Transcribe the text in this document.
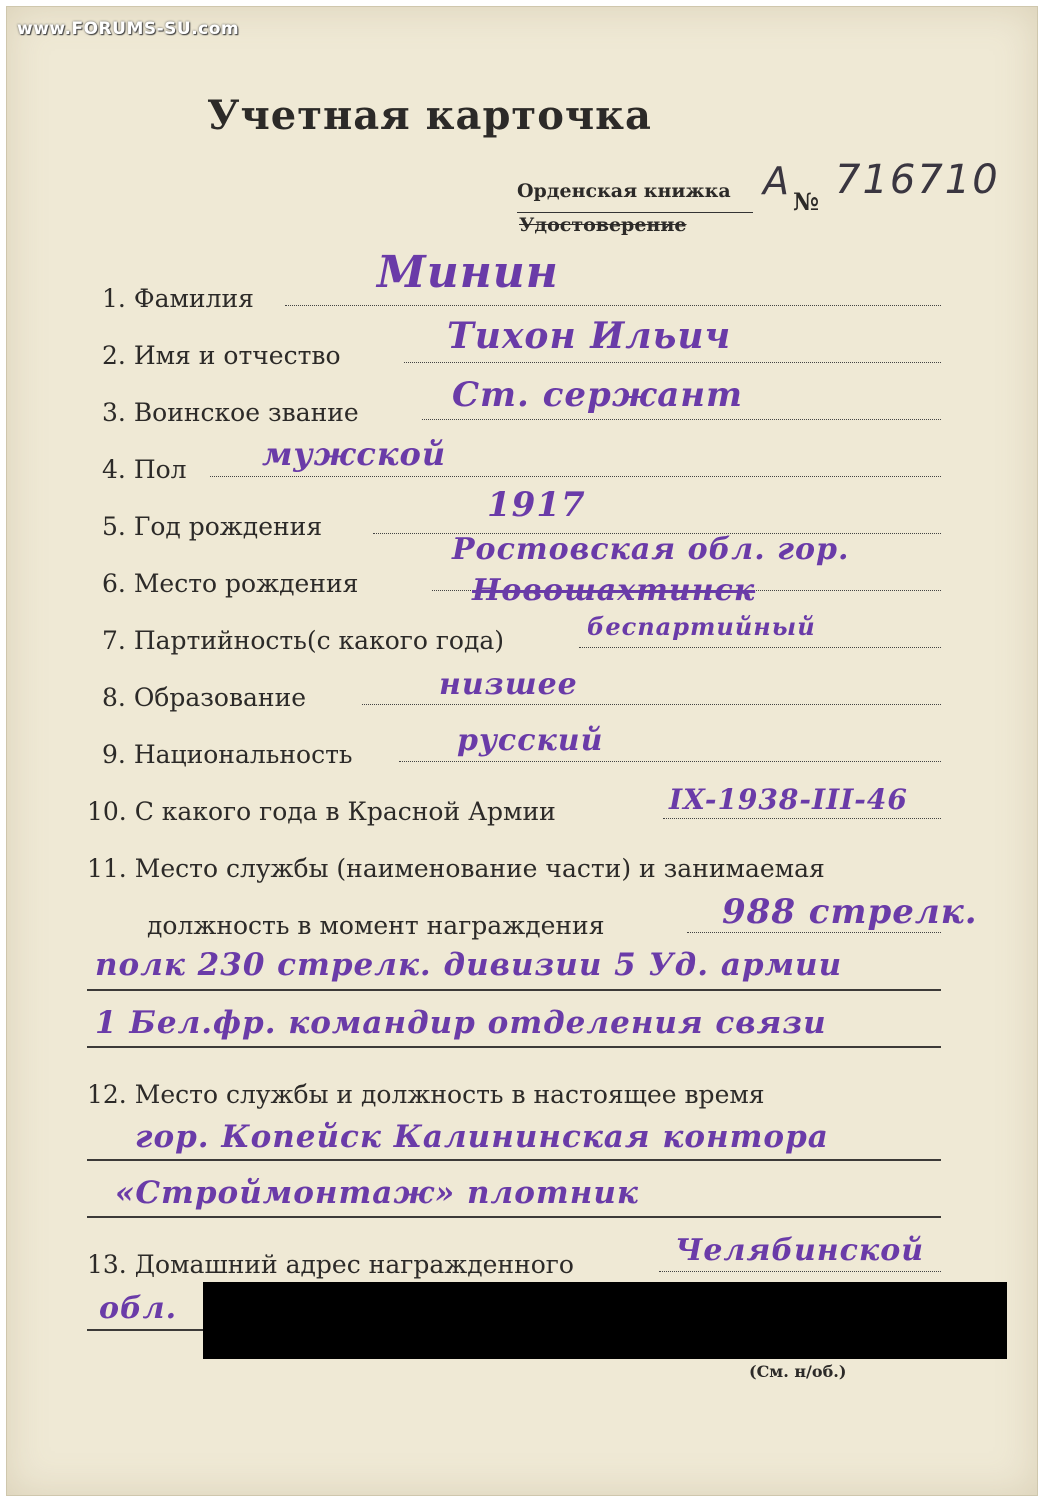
www.FORUMS-SU.com
Учетная карточка
Орденская книжка
Удостоверение
А № 716710
1. Фамилия
Минин
2. Имя и отчество	Тихон Ильич
3. Воинское звание	Ст. сержант
4. Пол мужской
5. Год рождения
1917
6. Место рождения
Ростовская обл. гор.
Новошахтинск
7. Партийность(с какого года)	беспартийный
8. Образование	низшее
9. Национальность	русский
10. С какого года в Красной Армии	IX-1938-III-46
11. Место службы (наименование части) и занимаемая
должность в момент награждения	988 стрелк.
полк 230 стрелк. дивизии 5 Уд. армии
1 Бел.фр. командир отделения связи
12. Место службы и должность в настоящее время
гор. Копейск Калининская контора
«Строймонтаж» плотник
13. Домашний адрес награжденного	Челябинской
обл.
(См. н/об.)
